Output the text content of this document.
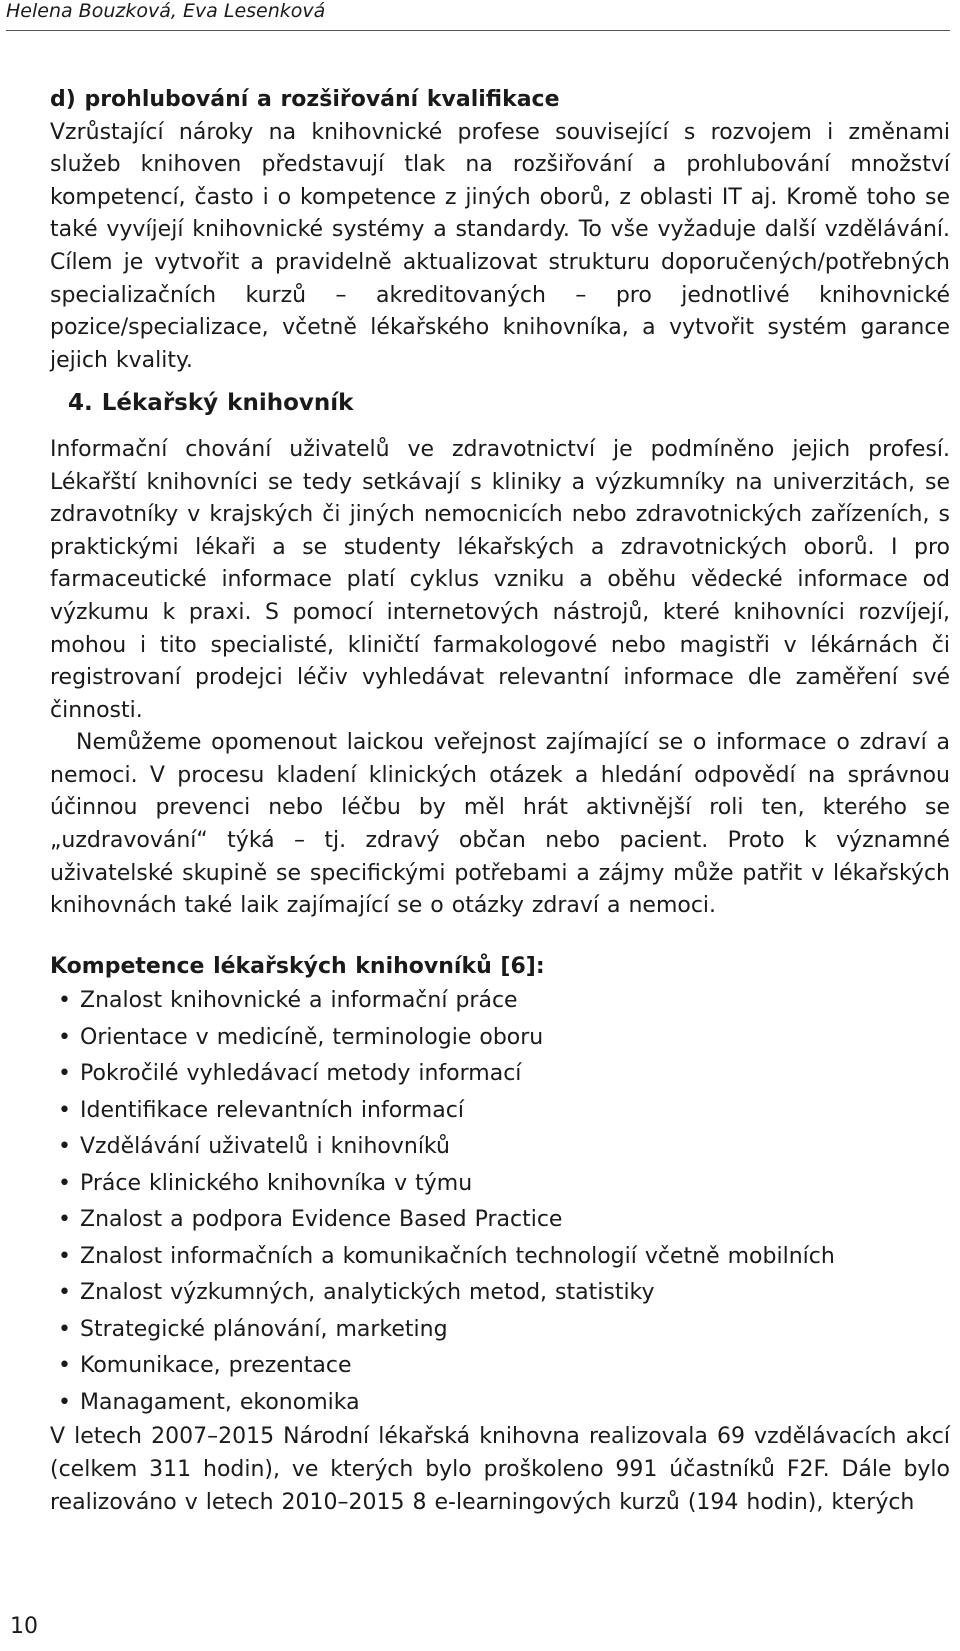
Helena Bouzková, Eva Lesenková

d) prohlubování a rozšiřování kvalifikace

Vzrůstající nároky na knihovnické profese související s rozvojem i změnami služeb knihoven představují tlak na rozšiřování a prohlubování množství kompetencí, často i o kompetence z jiných oborů, z oblasti IT aj. Kromě toho se také vyvíjejí knihovnické systémy a standardy. To vše vyžaduje další vzdělávání. Cílem je vytvořit a pravidelně aktualizovat strukturu doporučených/potřebných specializačních kurzů – akreditovaných – pro jednotlivé knihovnické pozice/specializace, včetně lékařského knihovníka, a vytvořit systém garance jejich kvality.

4. Lékařský knihovník

Informační chování uživatelů ve zdravotnictví je podmíněno jejich profesí. Lékařští knihovníci se tedy setkávají s kliniky a výzkumníky na univerzitách, se zdravotníky v krajských či jiných nemocnicích nebo zdravotnických zařízeních, s praktickými lékaři a se studenty lékařských a zdravotnických oborů. I pro farmaceutické informace platí cyklus vzniku a oběhu vědecké informace od výzkumu k praxi. S pomocí internetových nástrojů, které knihovníci rozvíjejí, mohou i tito specialisté, kliničtí farmakologové nebo magistři v lékárnách či registrovaní prodejci léčiv vyhledávat relevantní informace dle zaměření své činnosti.

Nemůžeme opomenout laickou veřejnost zajímající se o informace o zdraví a nemoci. V procesu kladení klinických otázek a hledání odpovědí na správnou účinnou prevenci nebo léčbu by měl hrát aktivnější roli ten, kterého se „uzdravování“ týká – tj. zdravý občan nebo pacient. Proto k významné uživatelské skupině se specifickými potřebami a zájmy může patřit v lékařských knihovnách také laik zajímající se o otázky zdraví a nemoci.

Kompetence lékařských knihovníků [6]:

• Znalost knihovnické a informační práce
• Orientace v medicíně, terminologie oboru
• Pokročilé vyhledávací metody informací
• Identifikace relevantních informací
• Vzdělávání uživatelů i knihovníků
• Práce klinického knihovníka v týmu
• Znalost a podpora Evidence Based Practice
• Znalost informačních a komunikačních technologií včetně mobilních
• Znalost výzkumných, analytických metod, statistiky
• Strategické plánování, marketing
• Komunikace, prezentace
• Managament, ekonomika

V letech 2007–2015 Národní lékařská knihovna realizovala 69 vzdělávacích akcí (celkem 311 hodin), ve kterých bylo proškoleno 991 účastníků F2F. Dále bylo realizováno v letech 2010–2015 8 e-learningových kurzů (194 hodin), kterých

10
